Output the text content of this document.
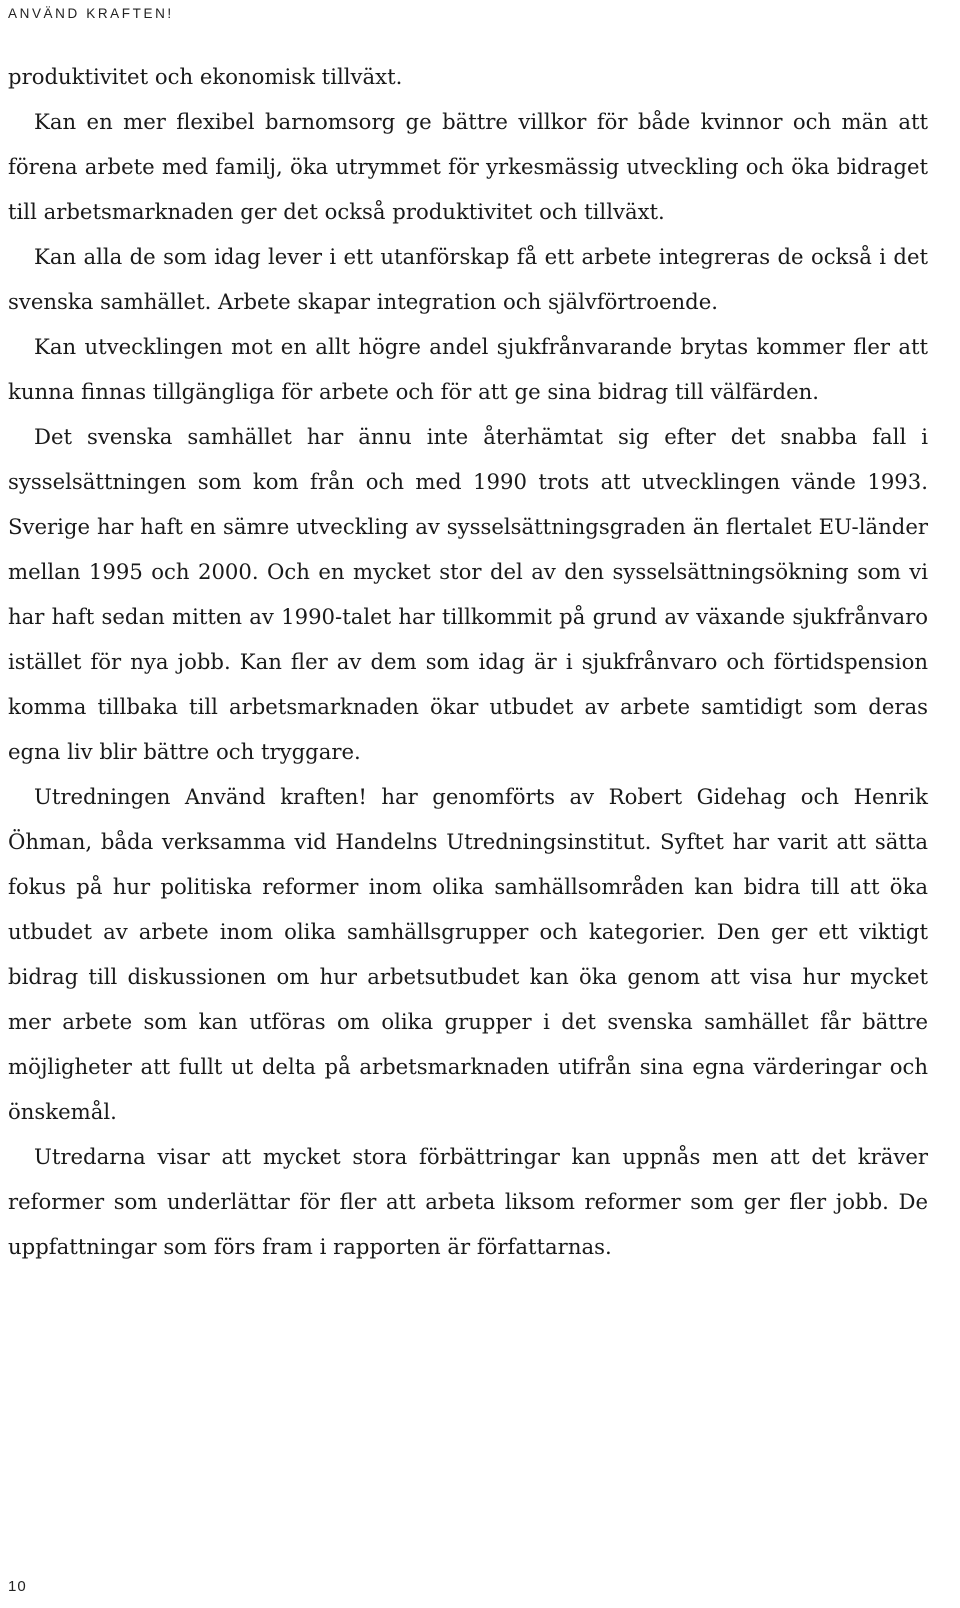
ANVÄND KRAFTEN!

produktivitet och ekonomisk tillväxt.

Kan en mer flexibel barnomsorg ge bättre villkor för både kvinnor och män att förena arbete med familj, öka utrymmet för yrkesmässig utveckling och öka bidraget till arbetsmarknaden ger det också produktivitet och tillväxt.

Kan alla de som idag lever i ett utanförskap få ett arbete integreras de också i det svenska samhället. Arbete skapar integration och självförtroende.

Kan utvecklingen mot en allt högre andel sjukfrånvarande brytas kommer fler att kunna finnas tillgängliga för arbete och för att ge sina bidrag till välfärden.

Det svenska samhället har ännu inte återhämtat sig efter det snabba fall i sysselsättningen som kom från och med 1990 trots att utvecklingen vände 1993. Sverige har haft en sämre utveckling av sysselsättningsgraden än flertalet EU-länder mellan 1995 och 2000. Och en mycket stor del av den sysselsättningsökning som vi har haft sedan mitten av 1990-talet har tillkommit på grund av växande sjukfrånvaro istället för nya jobb. Kan fler av dem som idag är i sjukfrånvaro och förtidspension komma tillbaka till arbetsmarknaden ökar utbudet av arbete samtidigt som deras egna liv blir bättre och tryggare.

Utredningen Använd kraften! har genomförts av Robert Gidehag och Henrik Öhman, båda verksamma vid Handelns Utredningsinstitut. Syftet har varit att sätta fokus på hur politiska reformer inom olika samhällsområden kan bidra till att öka utbudet av arbete inom olika samhällsgrupper och kategorier. Den ger ett viktigt bidrag till diskussionen om hur arbetsutbudet kan öka genom att visa hur mycket mer arbete som kan utföras om olika grupper i det svenska samhället får bättre möjligheter att fullt ut delta på arbetsmarknaden utifrån sina egna värderingar och önskemål.

Utredarna visar att mycket stora förbättringar kan uppnås men att det kräver reformer som underlättar för fler att arbeta liksom reformer som ger fler jobb. De uppfattningar som förs fram i rapporten är författarnas.

10
